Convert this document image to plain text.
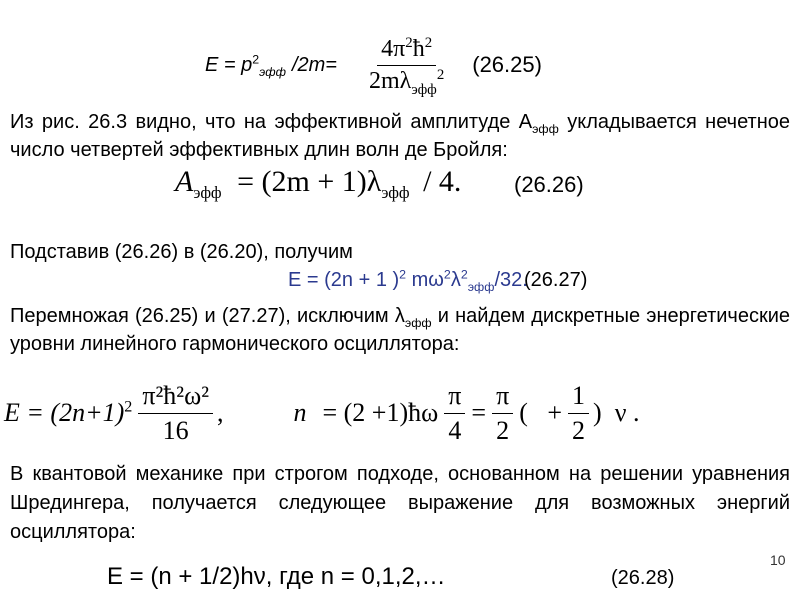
$E = p^2_{эфф}$ $/2m= \frac{4\pi^2ħ^2}{2m\lambda_{эфф}^2} (26.25)$
Из рис. 26.3 видно, что на эффективной амплитуде $A_{эфф}$ укладывается нечетное число четвертей эффективных длин волн де Бройля:
$A_{эфф} = (2m + 1)\lambda_{эфф} / 4$. (26.26)
Подставив (26.26) в (26.20), получим
E = (2n + 1 )$^2$ $m\omega^2\lambda^2_{эфф}/32$.
(26.27)
Перемножая (26.25) и (27.27), исключим $\lambda_{эфф}$ и найдем дискретные энергетические уровни линейного гармонического осциллятора:
$E = (2n+1)^2 \frac{\text{π²ħ²ω²}}{16}$ ,	n = (2 +1)ħω $\frac{\pi}{4} = \frac{\pi}{2}$ (   + $\frac{1}{2}$ )  ν .
В квантовой механике при строгом подходе, основанном на решении уравнения Шредингера, получается следующее выражение для возможных энергий осциллятора:
10
E = (n + 1/2)hν, где n = 0,1,2,…	(26.28)
